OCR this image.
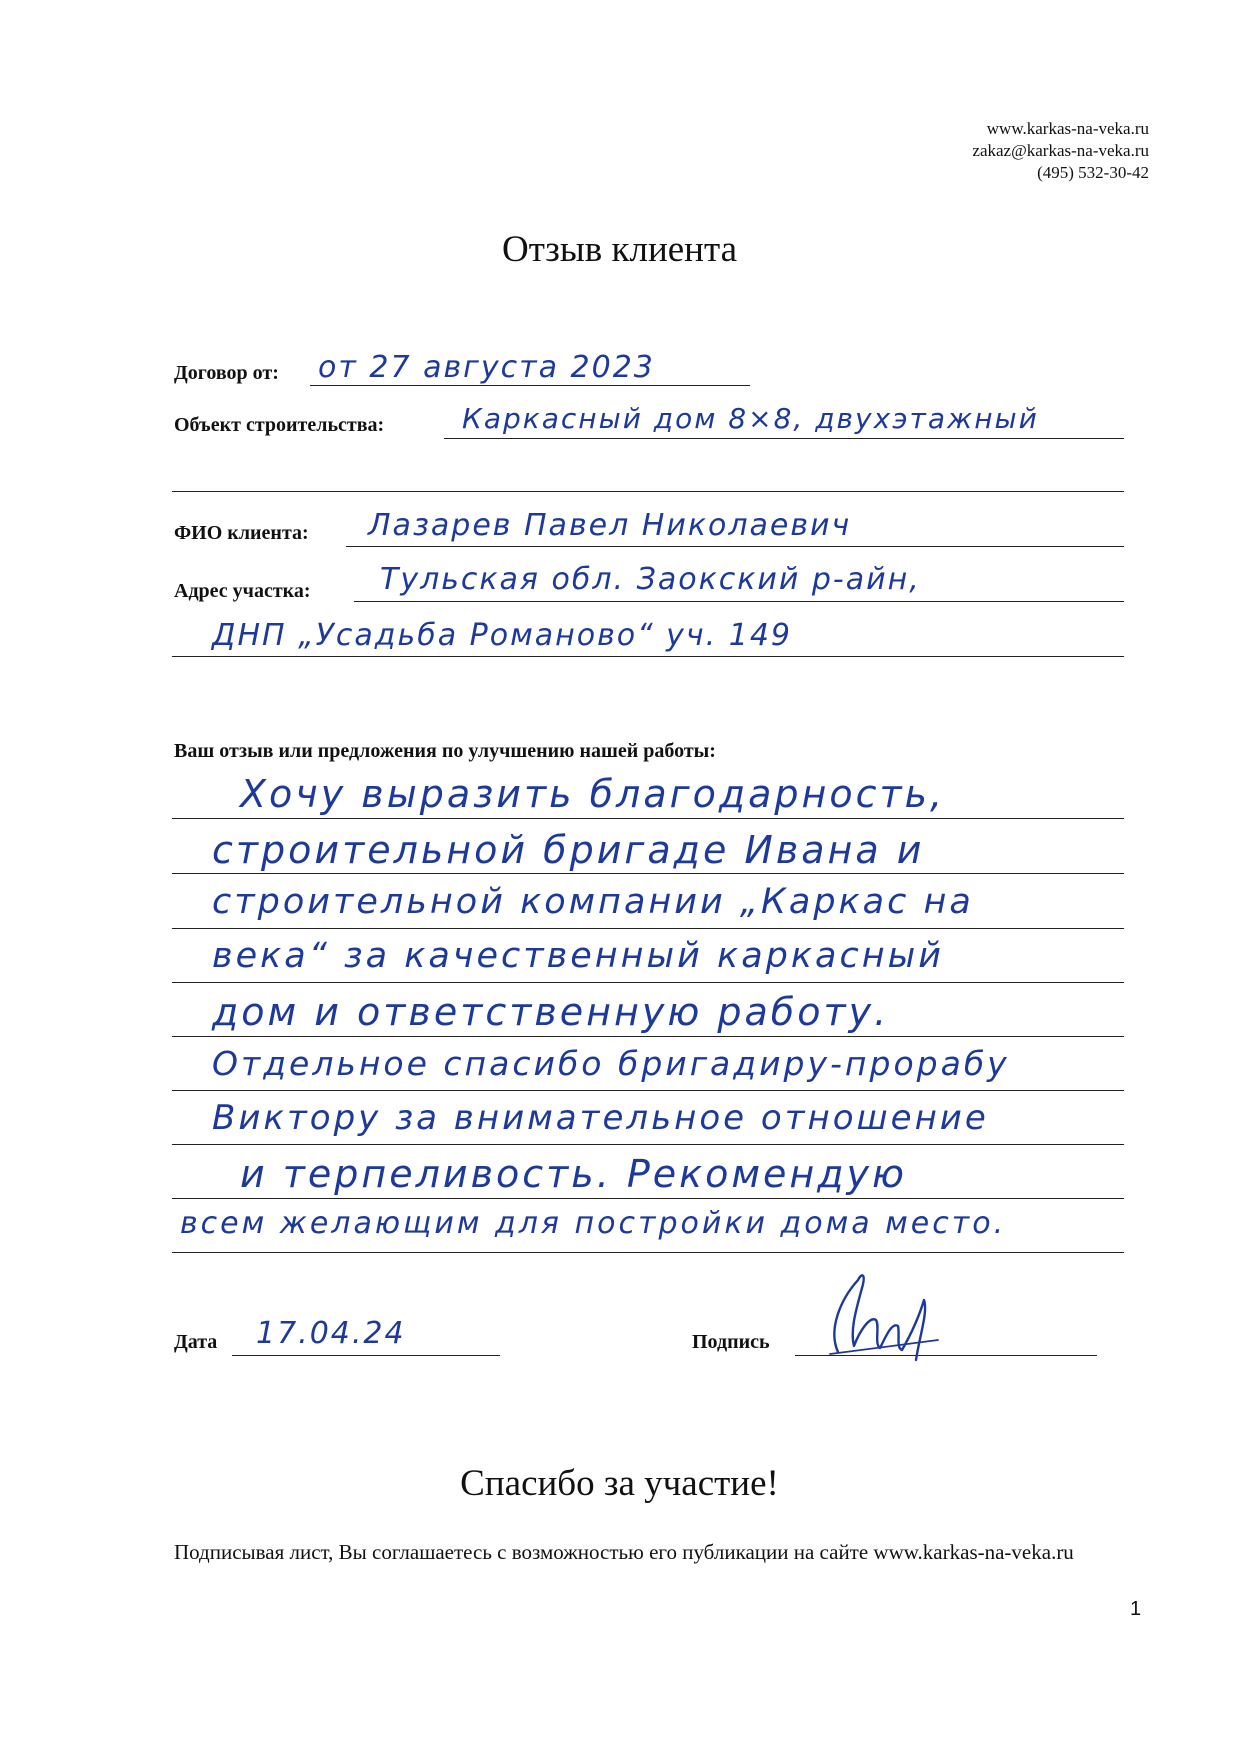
www.karkas-na-veka.ru
zakaz@karkas-na-veka.ru
(495) 532-30-42
Отзыв клиента
Договор от: от 27 августа 2023
Объект строительства:	Каркасный дом 8×8, двухэтажный
ФИО клиента: Лазарев Павел Николаевич
Адрес участка: Тульская обл. Заокский р-айн,
ДНП „Усадьба Романово“ уч. 149
Ваш отзыв или предложения по улучшению нашей работы:
Хочу выразить благодарность,
строительной бригаде Ивана и
строительной компании „Каркас на
века“ за качественный каркасный
дом и ответственную работу.
Отдельное спасибо бригадиру-прорабу
Виктору за внимательное отношение
и терпеливость. Рекомендую
всем желающим для постройки дома место.
Дата 17.04.24	Подпись
Спасибо за участие!
Подписывая лист, Вы соглашаетесь с возможностью его публикации на сайте www.karkas-na-veka.ru
1
